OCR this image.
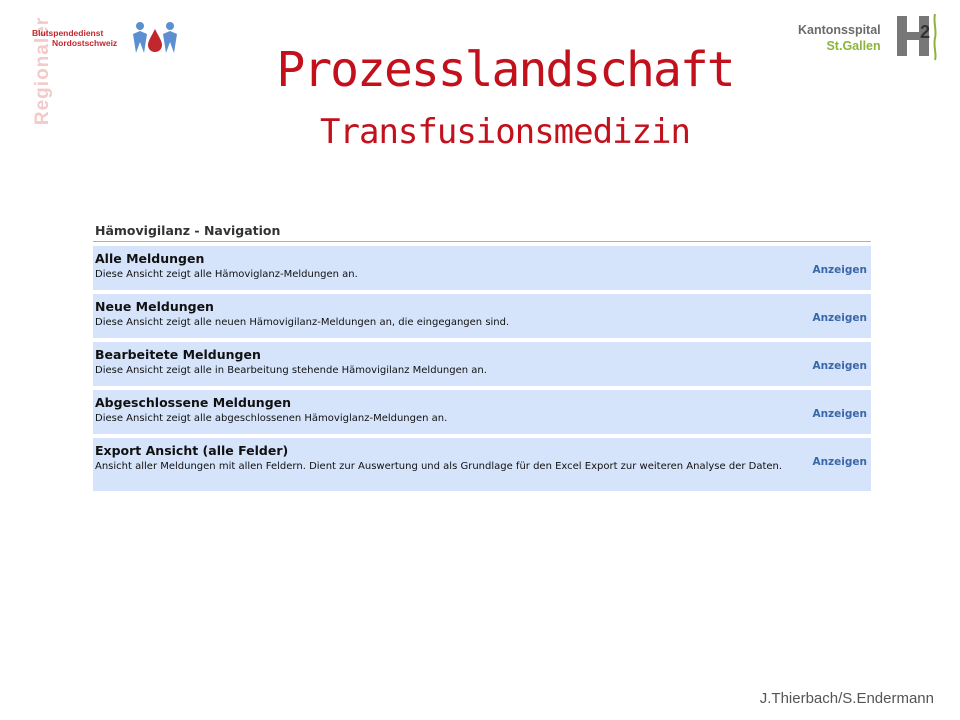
Regionaler
Blutspendedienst
Nordostschweiz
Kantonsspital
St.Gallen
2
Prozesslandschaft
Transfusionsmedizin
Hämovigilanz - Navigation
Alle Meldungen
Diese Ansicht zeigt alle Hämoviglanz-Meldungen an.	Anzeigen
Neue Meldungen
Diese Ansicht zeigt alle neuen Hämovigilanz-Meldungen an, die eingegangen sind.	Anzeigen
Bearbeitete Meldungen
Diese Ansicht zeigt alle in Bearbeitung stehende Hämovigilanz Meldungen an.	Anzeigen
Abgeschlossene Meldungen
Diese Ansicht zeigt alle abgeschlossenen Hämoviglanz-Meldungen an.	Anzeigen
Export Ansicht (alle Felder)
Ansicht aller Meldungen mit allen Feldern. Dient zur Auswertung und als Grundlage für den Excel Export zur weiteren Analyse der Daten.	Anzeigen
J.Thierbach/S.Endermann
